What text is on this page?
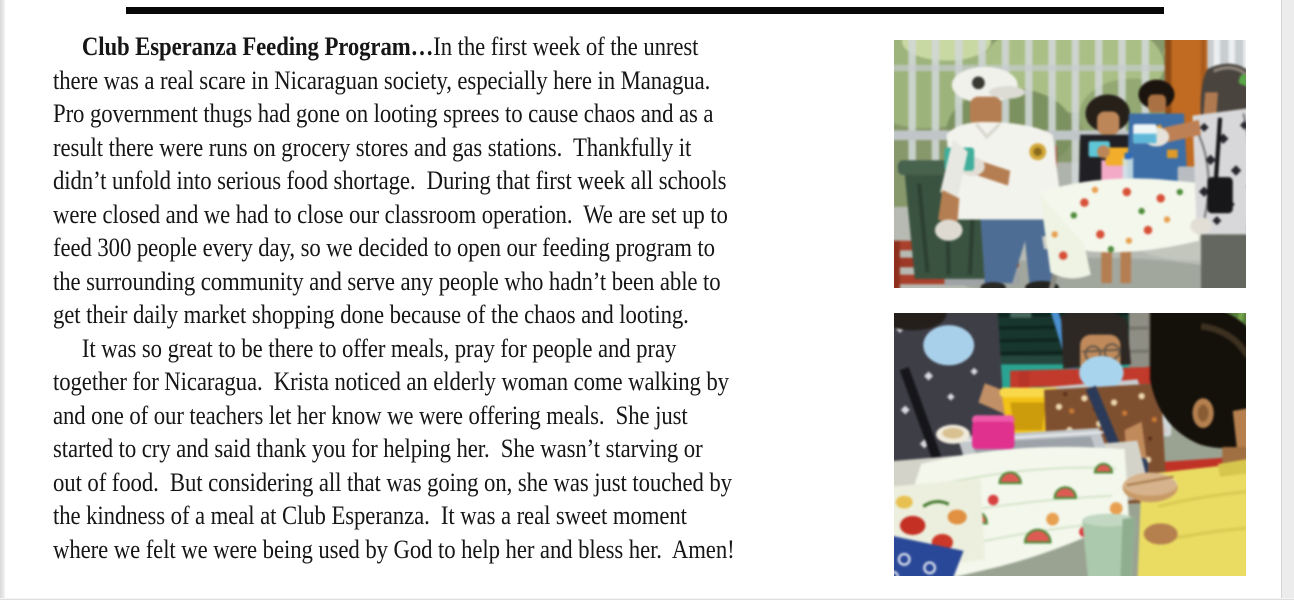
Club Esperanza Feeding Program…In the first week of the unrest
there was a real scare in Nicaraguan society, especially here in Managua.
Pro government thugs had gone on looting sprees to cause chaos and as a
result there were runs on grocery stores and gas stations.  Thankfully it
didn’t unfold into serious food shortage.  During that first week all schools
were closed and we had to close our classroom operation.  We are set up to
feed 300 people every day, so we decided to open our feeding program to
the surrounding community and serve any people who hadn’t been able to
get their daily market shopping done because of the chaos and looting.
It was so great to be there to offer meals, pray for people and pray
together for Nicaragua.  Krista noticed an elderly woman come walking by
and one of our teachers let her know we were offering meals.  She just
started to cry and said thank you for helping her.  She wasn’t starving or
out of food.  But considering all that was going on, she was just touched by
the kindness of a meal at Club Esperanza.  It was a real sweet moment
where we felt we were being used by God to help her and bless her.  Amen!
